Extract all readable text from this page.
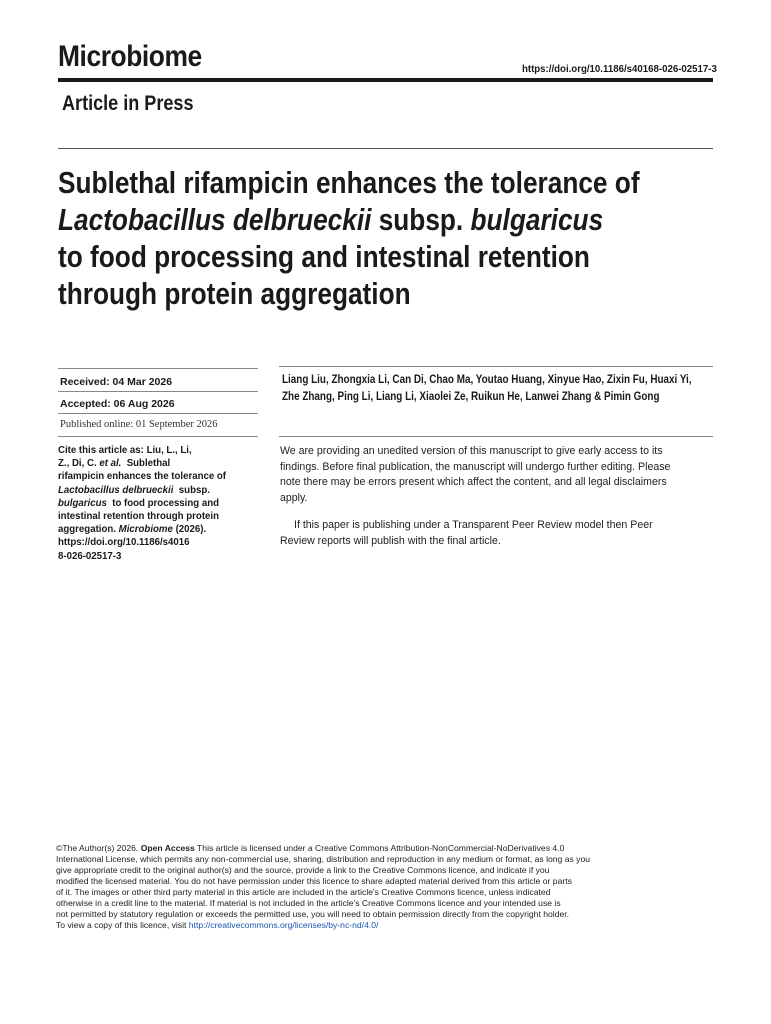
Microbiome	https://doi.org/10.1186/s40168-026-02517-3
Article in Press
Sublethal rifampicin enhances the tolerance of
Lactobacillus delbrueckii subsp. bulgaricus
to food processing and intestinal retention
through protein aggregation
Received: 04 Mar 2026
Accepted: 06 Aug 2026
Published online: 01 September 2026
Cite this article as: Liu, L., Li,
Z., Di, C. et al.  Sublethal
rifampicin enhances the tolerance of
Lactobacillus delbrueckii  subsp.
bulgaricus  to food processing and
intestinal retention through protein
aggregation. Microbiome (2026).
https://doi.org/10.1186/s4016
8-026-02517-3
Liang Liu, Zhongxia Li, Can Di, Chao Ma, Youtao Huang, Xinyue Hao, Zixin Fu, Huaxi Yi,
Zhe Zhang, Ping Li, Liang Li, Xiaolei Ze, Ruikun He, Lanwei Zhang & Pimin Gong

We are providing an unedited version of this manuscript to give early access to its
findings. Before final publication, the manuscript will undergo further editing. Please
note there may be errors present which affect the content, and all legal disclaimers
apply.

If this paper is publishing under a Transparent Peer Review model then Peer
Review reports will publish with the final article.

©The Author(s) 2026. Open Access This article is licensed under a Creative Commons Attribution-NonCommercial-NoDerivatives 4.0
International License, which permits any non-commercial use, sharing, distribution and reproduction in any medium or format, as long as you
give appropriate credit to the original author(s) and the source, provide a link to the Creative Commons licence, and indicate if you
modified the licensed material. You do not have permission under this licence to share adapted material derived from this article or parts
of it. The images or other third party material in this article are included in the article's Creative Commons licence, unless indicated
otherwise in a credit line to the material. If material is not included in the article's Creative Commons licence and your intended use is
not permitted by statutory regulation or exceeds the permitted use, you will need to obtain permission directly from the copyright holder.
To view a copy of this licence, visit http://creativecommons.org/licenses/by-nc-nd/4.0/
